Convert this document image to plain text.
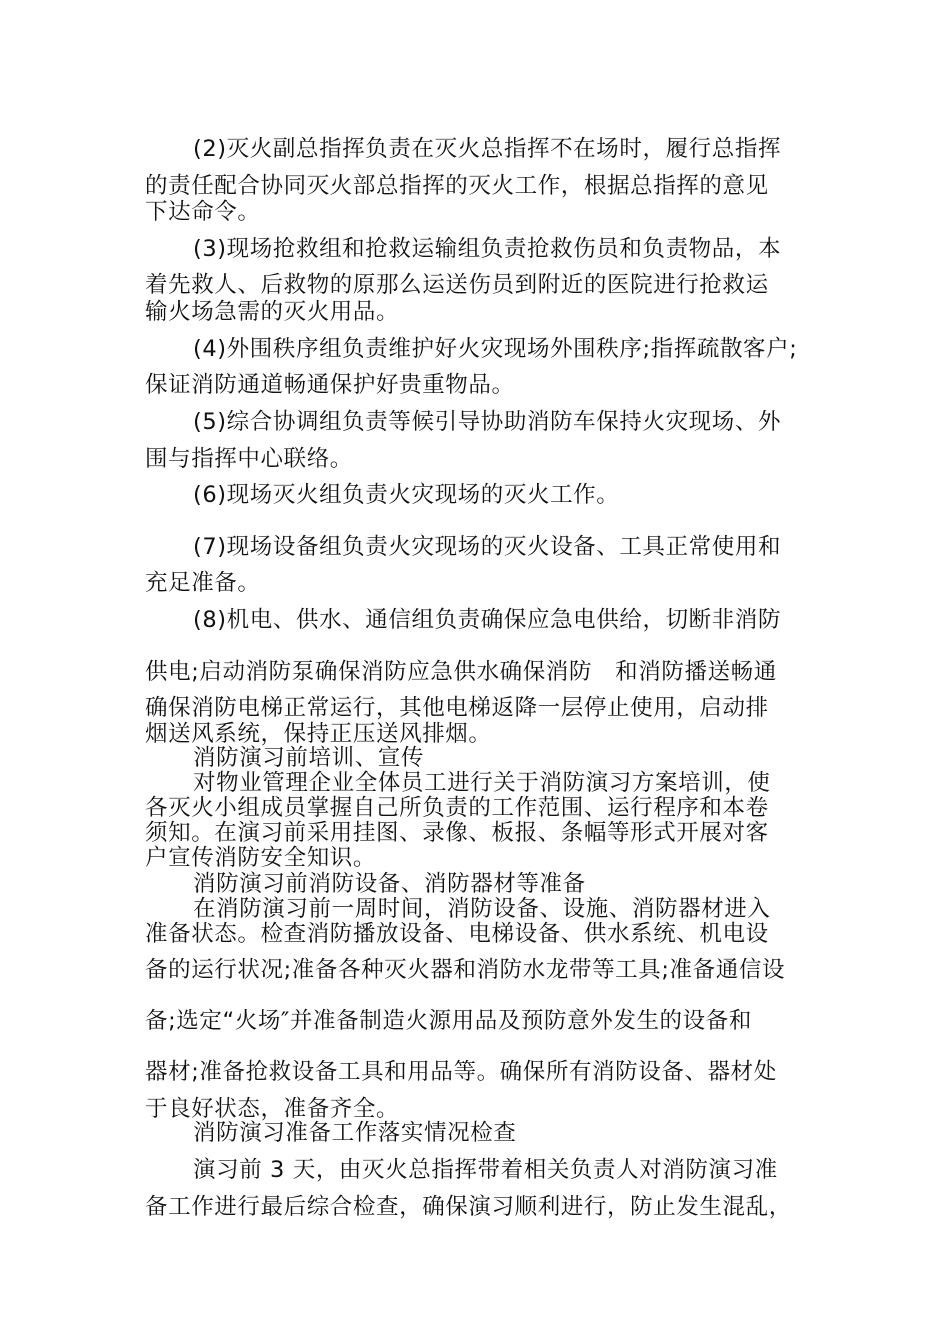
(2)灭火副总指挥负责在灭火总指挥不在场时，履行总指挥
的责任配合协同灭火部总指挥的灭火工作，根据总指挥的意见
下达命令。
(3)现场抢救组和抢救运输组负责抢救伤员和负责物品，本
着先救人、后救物的原那么运送伤员到附近的医院进行抢救运
输火场急需的灭火用品。
(4)外围秩序组负责维护好火灾现场外围秩序;指挥疏散客户;
保证消防通道畅通保护好贵重物品。
(5)综合协调组负责等候引导协助消防车保持火灾现场、外
围与指挥中心联络。
(6)现场灭火组负责火灾现场的灭火工作。
(7)现场设备组负责火灾现场的灭火设备、工具正常使用和
充足准备。
(8)机电、供水、通信组负责确保应急电供给，切断非消防
供电;启动消防泵确保消防应急供水确保消防　和消防播送畅通
确保消防电梯正常运行，其他电梯返降一层停止使用，启动排
烟送风系统，保持正压送风排烟。
消防演习前培训、宣传
对物业管理企业全体员工进行关于消防演习方案培训，使
各灭火小组成员掌握自己所负责的工作范围、运行程序和本卷
须知。在演习前采用挂图、录像、板报、条幅等形式开展对客
户宣传消防安全知识。
消防演习前消防设备、消防器材等准备
在消防演习前一周时间，消防设备、设施、消防器材进入
准备状态。检查消防播放设备、电梯设备、供水系统、机电设
备的运行状况;准备各种灭火器和消防水龙带等工具;准备通信设
备;选定“火场″并准备制造火源用品及预防意外发生的设备和
器材;准备抢救设备工具和用品等。确保所有消防设备、器材处
于良好状态，准备齐全。
消防演习准备工作落实情况检查
演习前 3 天，由灭火总指挥带着相关负责人对消防演习准
备工作进行最后综合检查，确保演习顺利进行，防止发生混乱，
